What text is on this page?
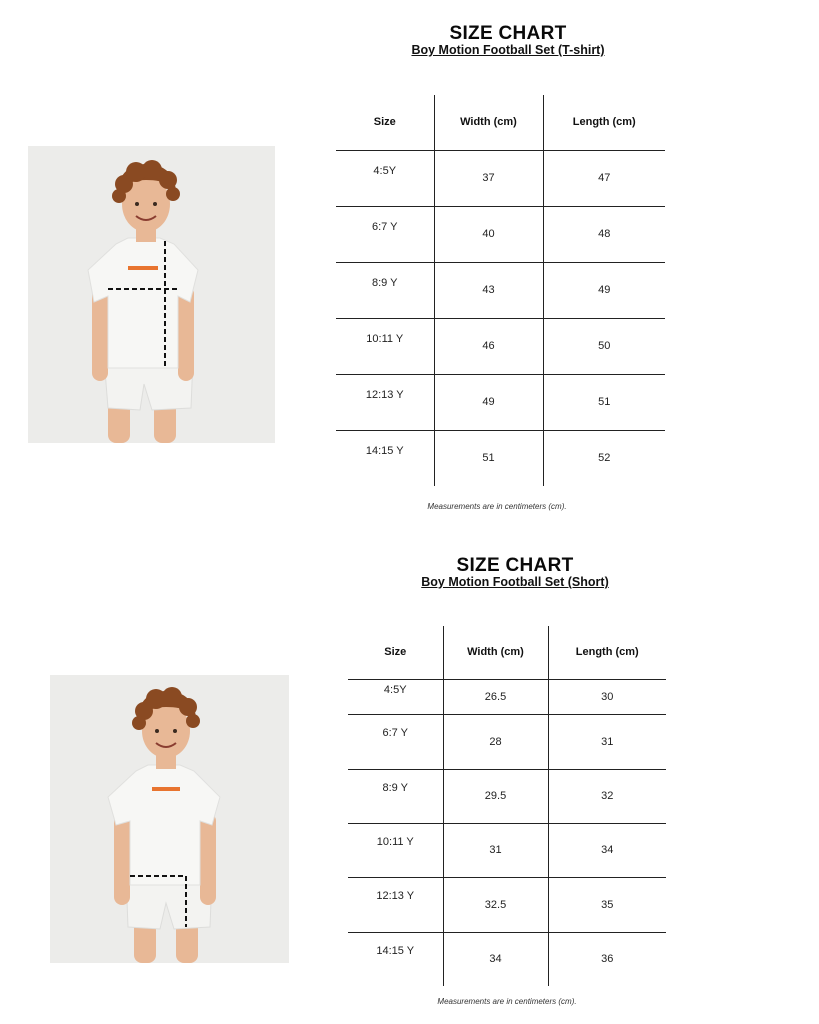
SIZE CHART
Boy Motion Football Set (T-shirt)
Size	Width (cm)	Length (cm)
4:5Y	37	47
6:7 Y	40	48
8:9 Y	43	49
10:11 Y	46	50
12:13 Y	49	51
14:15 Y	51	52
Measurements are in centimeters (cm).
SIZE CHART
Boy Motion Football Set (Short)
Size	Width (cm)	Length (cm)
4:5Y	26.5	30
6:7 Y	28	31
8:9 Y	29.5	32
10:11 Y	31	34
12:13 Y	32.5	35
14:15 Y	34	36
Measurements are in centimeters (cm).
